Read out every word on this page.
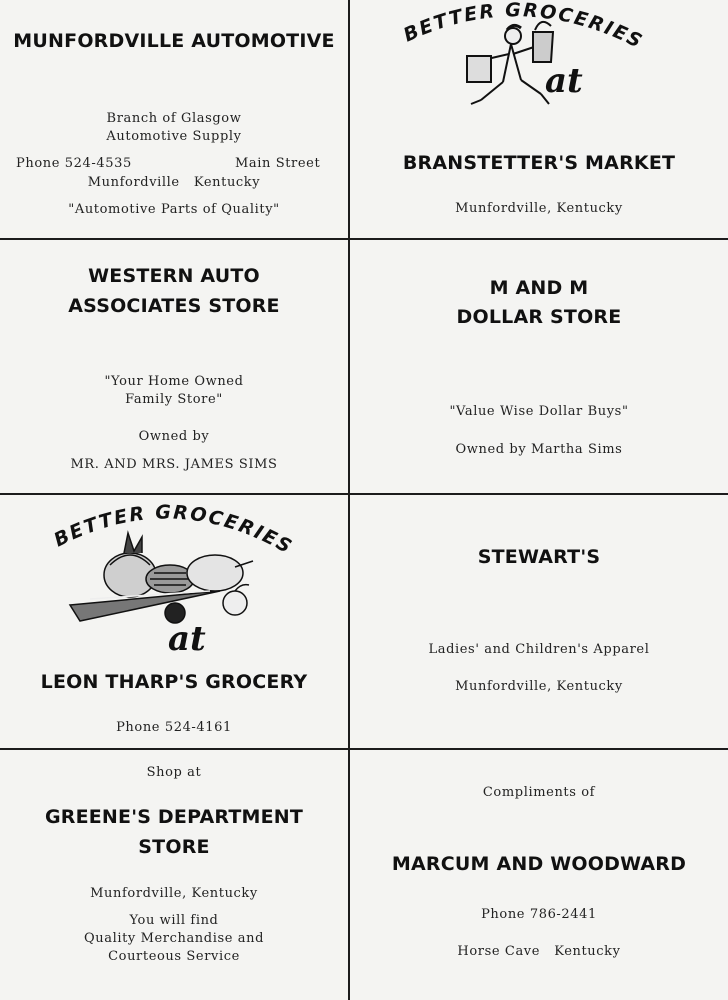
MUNFORDVILLE AUTOMOTIVE
Branch of Glasgow
Automotive Supply
Phone 524-4535	Main Street
Munfordville   Kentucky
"Automotive Parts of Quality"
BETTER GROCERIES
at
BRANSTETTER'S MARKET
Munfordville, Kentucky
WESTERN AUTO
ASSOCIATES STORE
"Your Home Owned
Family Store"
Owned by
MR. AND MRS. JAMES SIMS
M AND M
DOLLAR STORE
"Value Wise Dollar Buys"
Owned by Martha Sims
BETTER GROCERIES
at
LEON THARP'S GROCERY
Phone 524-4161
STEWART'S
Ladies' and Children's Apparel
Munfordville, Kentucky
Shop at
GREENE'S DEPARTMENT
STORE
Munfordville, Kentucky
You will find
Quality Merchandise and
Courteous Service
Compliments of
MARCUM AND WOODWARD
Phone 786-2441
Horse Cave   Kentucky
